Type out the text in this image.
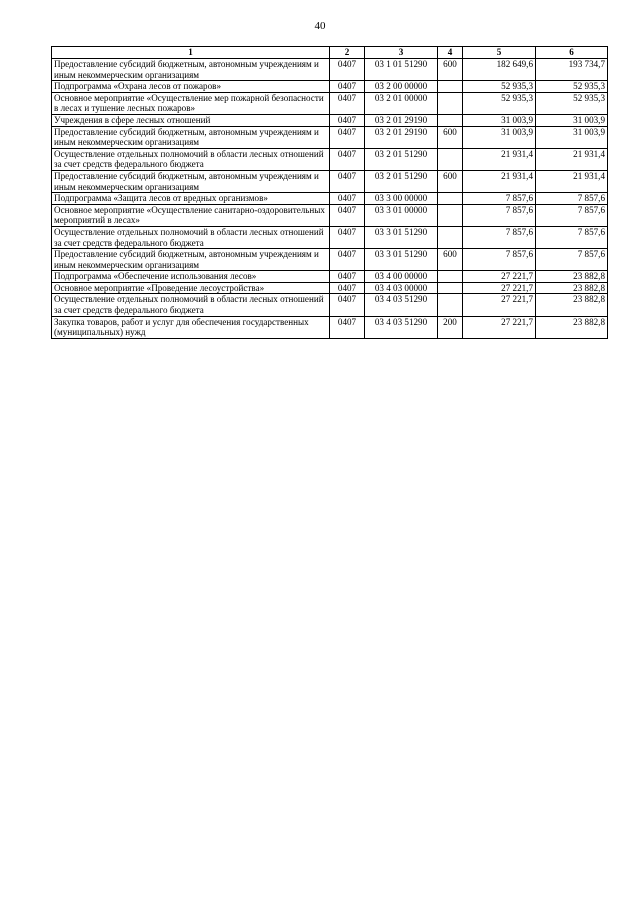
40
1	2	3	4	5	6
Предоставление субсидий бюджетным, автономным учреждениям и иным некоммерческим организациям	0407	03 1 01 51290	600	182 649,6	193 734,7
Подпрограмма «Охрана лесов от пожаров»	0407	03 2 00 00000		52 935,3	52 935,3
Основное мероприятие «Осуществление мер пожарной безопасности в лесах и тушение лесных пожаров»	0407	03 2 01 00000		52 935,3	52 935,3
Учреждения в сфере лесных отношений	0407	03 2 01 29190		31 003,9	31 003,9
Предоставление субсидий бюджетным, автономным учреждениям и иным некоммерческим организациям	0407	03 2 01 29190	600	31 003,9	31 003,9
Осуществление отдельных полномочий в области лесных отношений за счет средств федерального бюджета	0407	03 2 01 51290		21 931,4	21 931,4
Предоставление субсидий бюджетным, автономным учреждениям и иным некоммерческим организациям	0407	03 2 01 51290	600	21 931,4	21 931,4
Подпрограмма «Защита лесов от вредных организмов»	0407	03 3 00 00000		7 857,6	7 857,6
Основное мероприятие «Осуществление санитарно-оздоровительных мероприятий в лесах»	0407	03 3 01 00000		7 857,6	7 857,6
Осуществление отдельных полномочий в области лесных отношений за счет средств федерального бюджета	0407	03 3 01 51290		7 857,6	7 857,6
Предоставление субсидий бюджетным, автономным учреждениям и иным некоммерческим организациям	0407	03 3 01 51290	600	7 857,6	7 857,6
Подпрограмма «Обеспечение использования лесов»	0407	03 4 00 00000		27 221,7	23 882,8
Основное мероприятие «Проведение лесоустройства»	0407	03 4 03 00000		27 221,7	23 882,8
Осуществление отдельных полномочий в области лесных отношений за счет средств федерального бюджета	0407	03 4 03 51290		27 221,7	23 882,8
Закупка товаров, работ и услуг для обеспечения государственных (муниципальных) нужд	0407	03 4 03 51290	200	27 221,7	23 882,8
